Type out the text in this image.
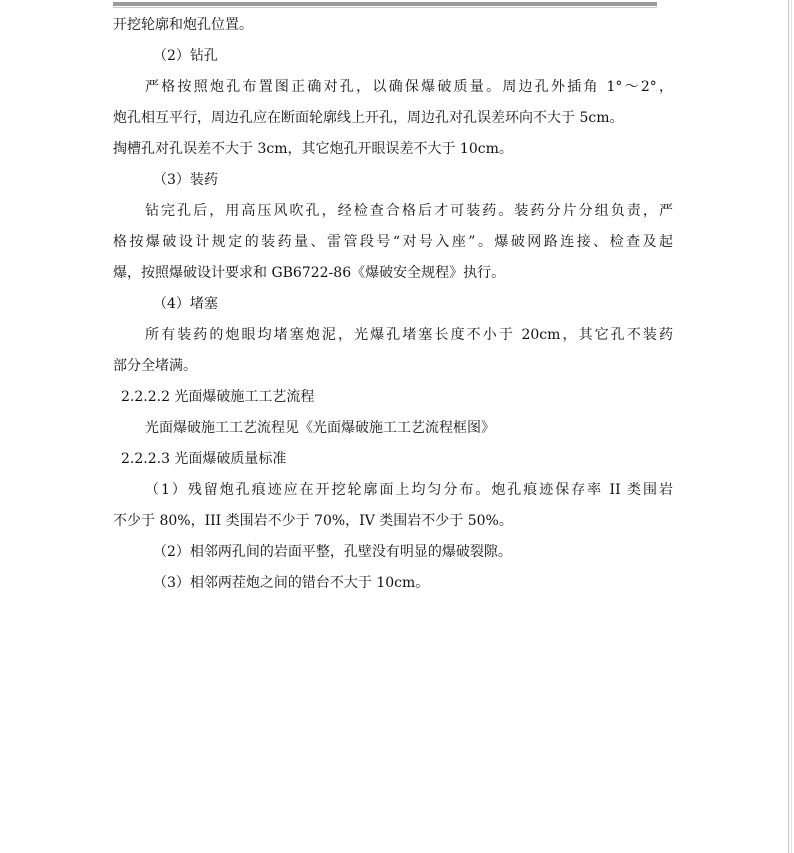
开挖轮廓和炮孔位置。
（2）钻孔
严格按照炮孔布置图正确对孔，以确保爆破质量。周边孔外插角 1°～2°，
炮孔相互平行，周边孔应在断面轮廓线上开孔，周边孔对孔误差环向不大于 5cm。
掏槽孔对孔误差不大于 3cm，其它炮孔开眼误差不大于 10cm。
（3）装药
钻完孔后，用高压风吹孔，经检查合格后才可装药。装药分片分组负责，严
格按爆破设计规定的装药量、雷管段号“对号入座”。爆破网路连接、检查及起
爆，按照爆破设计要求和 GB6722-86《爆破安全规程》执行。
（4）堵塞
所有装药的炮眼均堵塞炮泥，光爆孔堵塞长度不小于 20cm，其它孔不装药
部分全堵满。
2.2.2.2 光面爆破施工工艺流程
光面爆破施工工艺流程见《光面爆破施工工艺流程框图》
2.2.2.3 光面爆破质量标准
（1）残留炮孔痕迹应在开挖轮廓面上均匀分布。炮孔痕迹保存率 II 类围岩
不少于 80%，III 类围岩不少于 70%，IV 类围岩不少于 50%。
（2）相邻两孔间的岩面平整，孔壁没有明显的爆破裂隙。
（3）相邻两茬炮之间的错台不大于 10cm。
